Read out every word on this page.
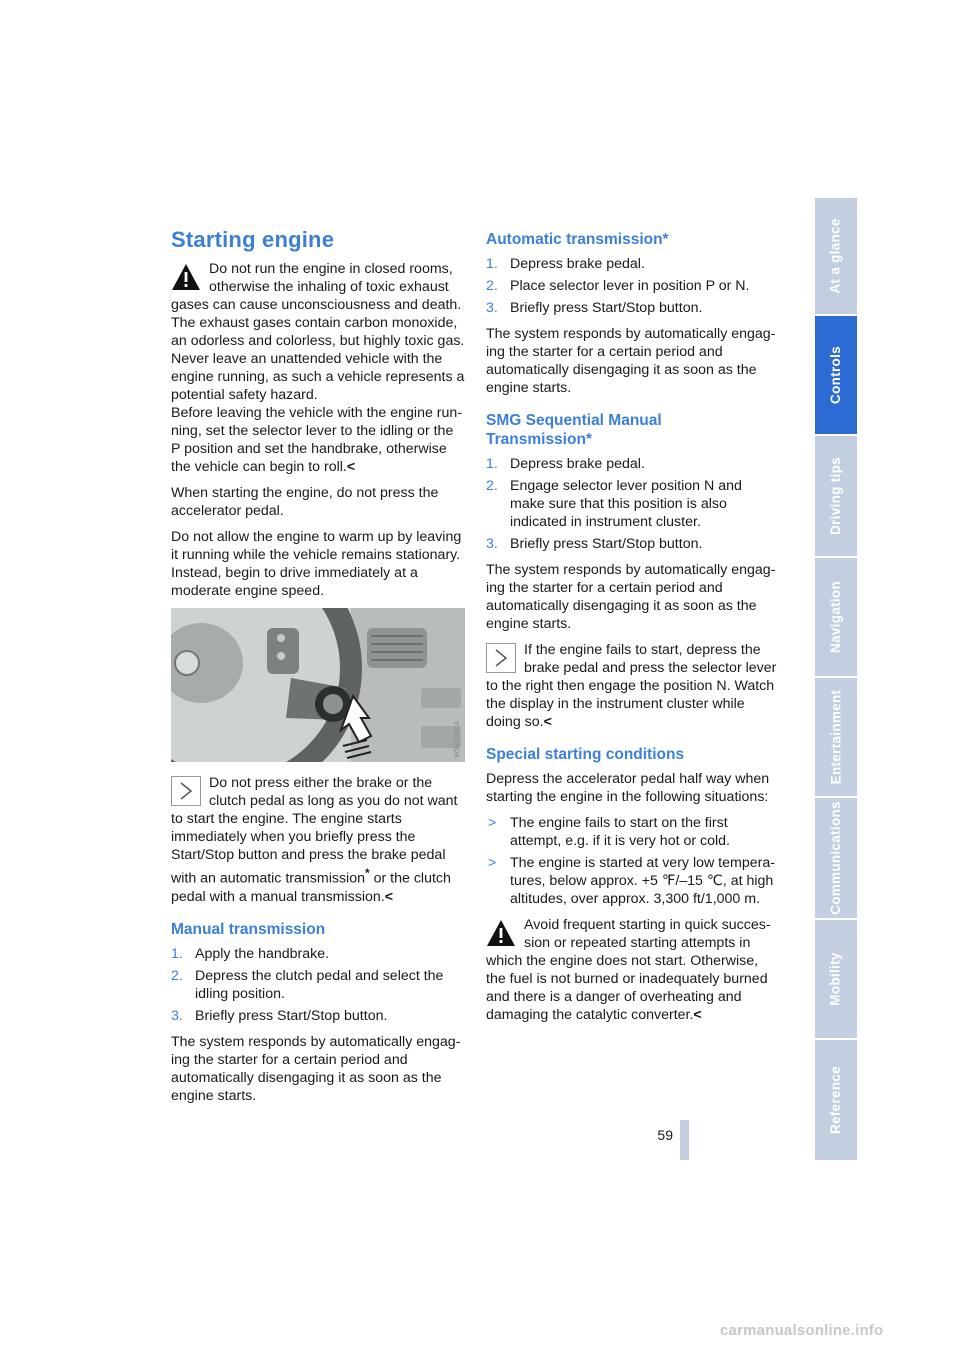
Starting engine
Do not run the engine in closed rooms, otherwise the inhaling of toxic exhaust gases can cause unconsciousness and death. The exhaust gases contain carbon monoxide, an odorless and colorless, but highly toxic gas. Never leave an unattended vehicle with the engine running, as such a vehicle represents a potential safety hazard.
Before leaving the vehicle with the engine running, set the selector lever to the idling or the P position and set the handbrake, otherwise the vehicle can begin to roll.<

When starting the engine, do not press the accelerator pedal.

Do not allow the engine to warm up by leaving it running while the vehicle remains stationary. Instead, begin to drive immediately at a moderate engine speed.

W5E0S0CA
Do not press either the brake or the clutch pedal as long as you do not want to start the engine. The engine starts immediately when you briefly press the Start/Stop button and press the brake pedal with an automatic transmission* or the clutch pedal with a manual transmission.<
Manual transmission
1. Apply the handbrake.
2. Depress the clutch pedal and select the idling position.
3. Briefly press Start/Stop button.

The system responds by automatically engaging the starter for a certain period and automatically disengaging it as soon as the engine starts.

Automatic transmission*
1. Depress brake pedal.
2. Place selector lever in position P or N.
3. Briefly press Start/Stop button.

The system responds by automatically engaging the starter for a certain period and automatically disengaging it as soon as the engine starts.

SMG Sequential Manual Transmission*
1. Depress brake pedal.
2. Engage selector lever position N and make sure that this position is also indicated in instrument cluster.
3. Briefly press Start/Stop button.

The system responds by automatically engaging the starter for a certain period and automatically disengaging it as soon as the engine starts.

If the engine fails to start, depress the brake pedal and press the selector lever to the right then engage the position N. Watch the display in the instrument cluster while doing so.<
Special starting conditions

Depress the accelerator pedal half way when starting the engine in the following situations:

> The engine fails to start on the first attempt, e.g. if it is very hot or cold.
> The engine is started at very low temperatures, below approx. +5 ℉/–15 ℃, at high altitudes, over approx. 3,300 ft/1,000 m.
Avoid frequent starting in quick succession or repeated starting attempts in which the engine does not start. Otherwise, the fuel is not burned or inadequately burned and there is a danger of overheating and damaging the catalytic converter.<
At a glance
Controls
Driving tips
Navigation
Entertainment
Communications
Mobility
Reference
59
carmanualsonline.info
